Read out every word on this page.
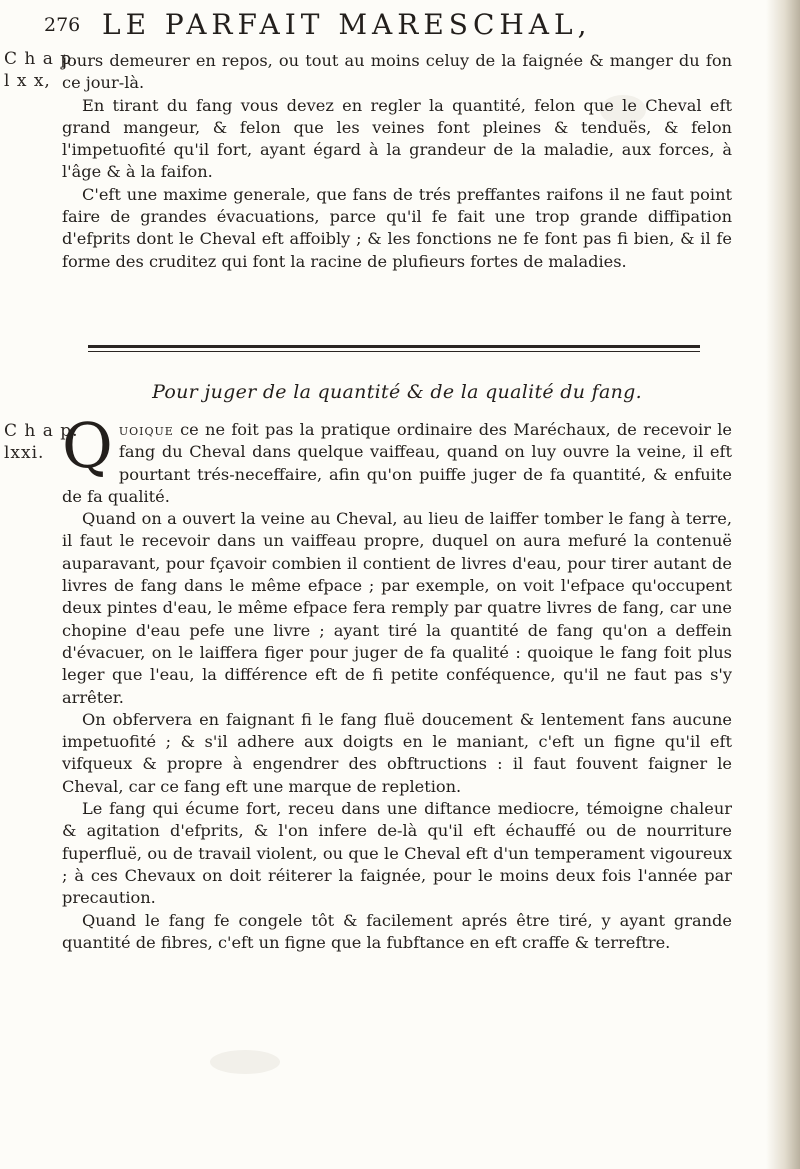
276 LE PARFAIT MARESCHAL,
C h a p.
l x x,

jours demeurer en repos, ou tout au moins celuy de la faignée & manger du fon ce jour-là.

En tirant du fang vous devez en regler la quantité, felon que le Cheval eft grand mangeur, & felon que les veines font pleines & tenduës, & felon l'impetuofité qu'il fort, ayant égard à la grandeur de la maladie, aux forces, à l'âge & à la faifon.

C'eft une maxime generale, que fans de trés preffantes raifons il ne faut point faire de grandes évacuations, parce qu'il fe fait une trop grande diffipation d'efprits dont le Cheval eft affoibly ; & les fonctions ne fe font pas fi bien, & il fe forme des cruditez qui font la racine de plufieurs fortes de maladies.

Pour juger de la quantité & de la qualité du fang.
C h a p.
lxxi. Quoique ce ne foit pas la pratique ordinaire des Maréchaux, de recevoir le fang du Cheval dans quelque vaiffeau, quand on luy ouvre la veine, il eft pourtant trés-neceffaire, afin qu'on puiffe juger de fa quantité, & enfuite de fa qualité.

Quand on a ouvert la veine au Cheval, au lieu de laiffer tomber le fang à terre, il faut le recevoir dans un vaiffeau propre, duquel on aura mefuré la contenuë auparavant, pour fçavoir combien il contient de livres d'eau, pour tirer autant de livres de fang dans le même efpace ; par exemple, on voit l'efpace qu'occupent deux pintes d'eau, le même efpace fera remply par quatre livres de fang, car une chopine d'eau pefe une livre ; ayant tiré la quantité de fang qu'on a deffein d'évacuer, on le laiffera figer pour juger de fa qualité : quoique le fang foit plus leger que l'eau, la différence eft de fi petite conféquence, qu'il ne faut pas s'y arrêter.

On obfervera en faignant fi le fang fluë doucement & lentement fans aucune impetuofité ; & s'il adhere aux doigts en le maniant, c'eft un figne qu'il eft vifqueux & propre à engendrer des obftructions : il faut fouvent faigner le Cheval, car ce fang eft une marque de repletion.

Le fang qui écume fort, receu dans une diftance mediocre, témoigne chaleur & agitation d'efprits, & l'on infere de-là qu'il eft échauffé ou de nourriture fuperfluë, ou de travail violent, ou que le Cheval eft d'un temperament vigoureux ; à ces Chevaux on doit réiterer la faignée, pour le moins deux fois l'année par precaution.

Quand le fang fe congele tôt & facilement aprés être tiré, y ayant grande quantité de fibres, c'eft un figne que la fubftance en eft craffe & terreftre.
